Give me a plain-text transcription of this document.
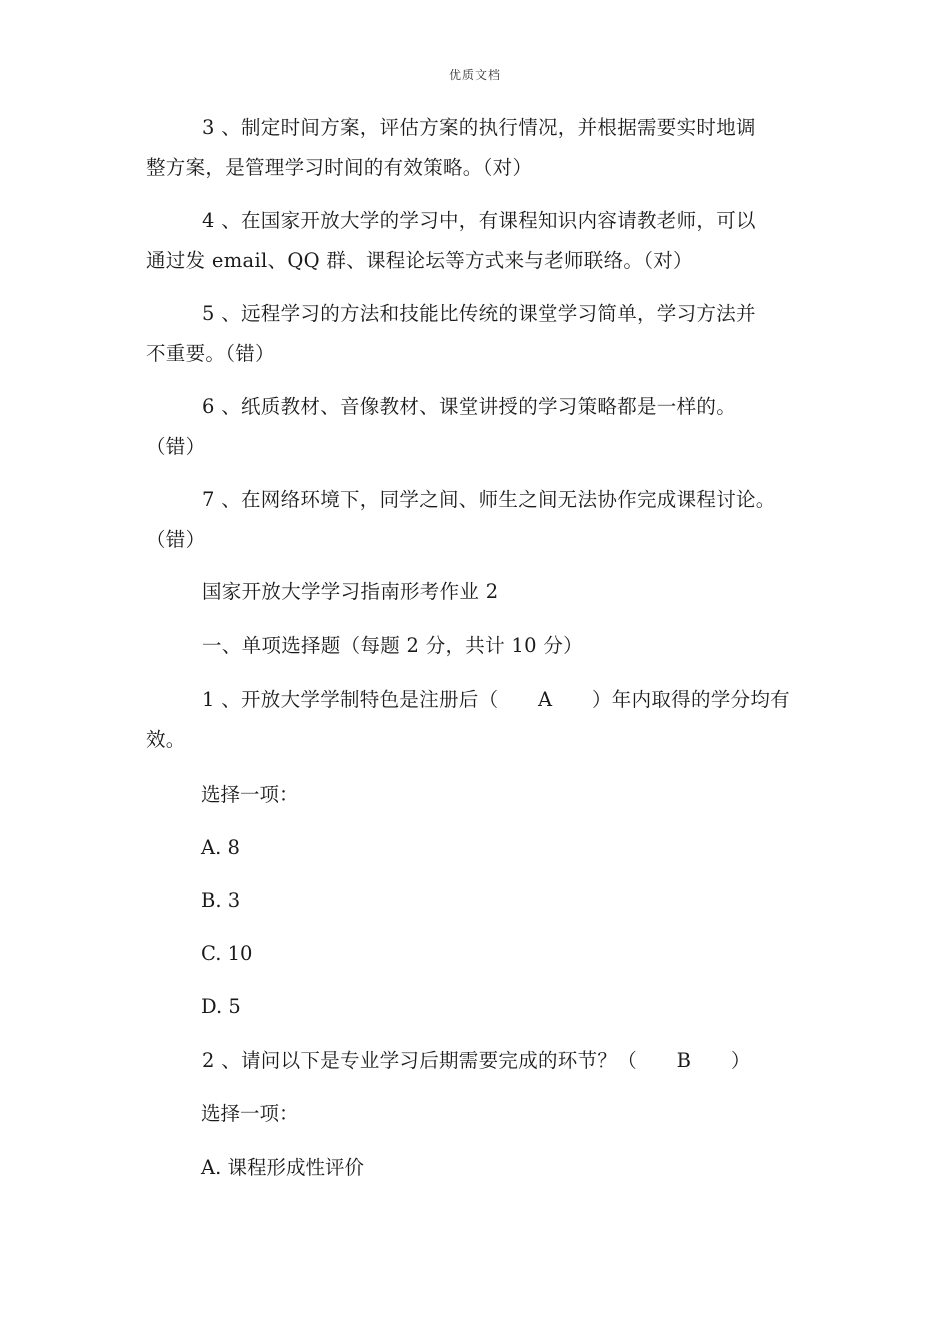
优质文档
3 、制定时间方案，评估方案的执行情况，并根据需要实时地调
整方案，是管理学习时间的有效策略。（对）
4 、在国家开放大学的学习中，有课程知识内容请教老师，可以
通过发 email、QQ 群、课程论坛等方式来与老师联络。（对）
5 、远程学习的方法和技能比传统的课堂学习简单，学习方法并
不重要。（错）
6 、纸质教材、音像教材、课堂讲授的学习策略都是一样的。
（错）
7 、在网络环境下，同学之间、师生之间无法协作完成课程讨论。
（错）
国家开放大学学习指南形考作业 2
一、单项选择题（每题 2 分，共计 10 分）
1 、开放大学学制特色是注册后（　　A　　）年内取得的学分均有
效。
选择一项：
A. 8
B. 3
C. 10
D. 5
2 、请问以下是专业学习后期需要完成的环节？（　　B　　）
选择一项：
A. 课程形成性评价
